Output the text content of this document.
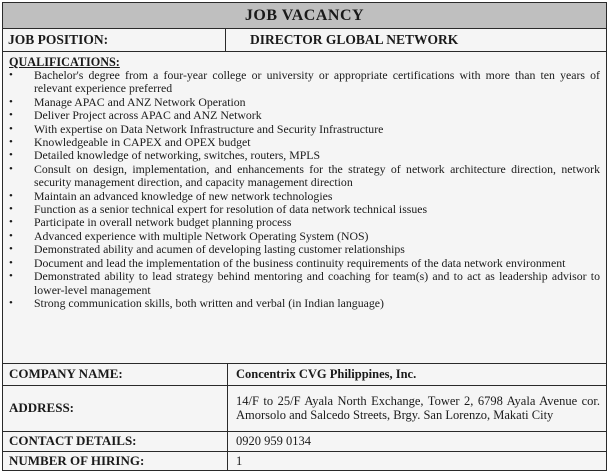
JOB VACANCY
JOB POSITION:	DIRECTOR GLOBAL NETWORK
QUALIFICATIONS:
• Bachelor's degree from a four-year college or university or appropriate certifications with more than ten years of relevant experience preferred
• Manage APAC and ANZ Network Operation
• Deliver Project across APAC and ANZ Network
• With expertise on Data Network Infrastructure and Security Infrastructure
• Knowledgeable in CAPEX and OPEX budget
• Detailed knowledge of networking, switches, routers, MPLS
• Consult on design, implementation, and enhancements for the strategy of network architecture direction, network security management direction, and capacity management direction
• Maintain an advanced knowledge of new network technologies
• Function as a senior technical expert for resolution of data network technical issues
• Participate in overall network budget planning process
• Advanced experience with multiple Network Operating System (NOS)
• Demonstrated ability and acumen of developing lasting customer relationships
• Document and lead the implementation of the business continuity requirements of the data network environment
• Demonstrated ability to lead strategy behind mentoring and coaching for team(s) and to act as leadership advisor to lower-level management
• Strong communication skills, both written and verbal (in Indian language)
COMPANY NAME:	Concentrix CVG Philippines, Inc.
ADDRESS:	14/F to 25/F Ayala North Exchange, Tower 2, 6798 Ayala Avenue cor. Amorsolo and Salcedo Streets, Brgy. San Lorenzo, Makati City
CONTACT DETAILS:	0920 959 0134
NUMBER OF HIRING:	1
